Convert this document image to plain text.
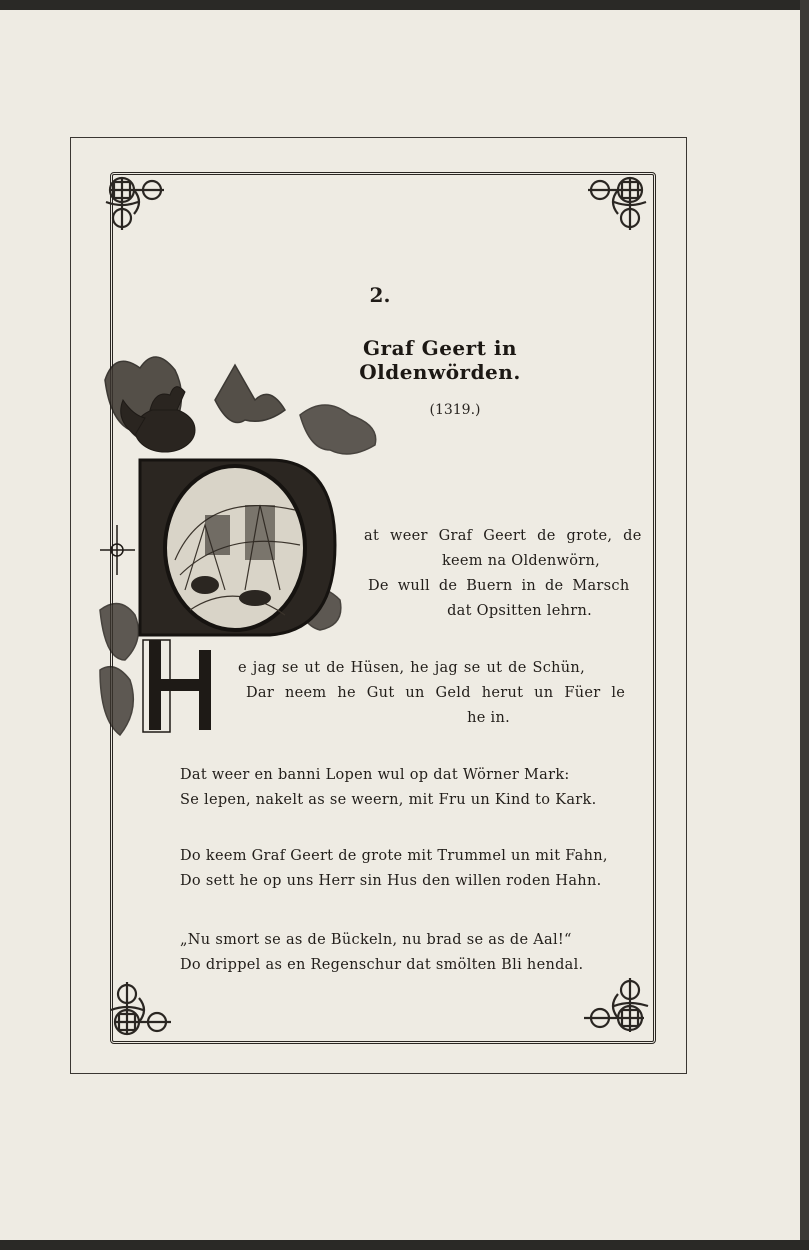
2.
Graf Geert in Oldenwörden.
(1319.)
at weer Graf Geert de grote, de
keem na Oldenwörn,
De wull de Buern in de Marsch
dat Opsitten lehrn.
e jag se ut de Hüsen, he jag se ut de Schün,
Dar neem he Gut un Geld herut un Füer le
he in.
Dat weer en banni Lopen wul op dat Wörner Mark:
Se lepen, nakelt as se weern, mit Fru un Kind to Kark.
Do keem Graf Geert de grote mit Trummel un mit Fahn,
Do sett he op uns Herr sin Hus den willen roden Hahn.
„Nu smort se as de Bückeln, nu brad se as de Aal!“
Do drippel as en Regenschur dat smölten Bli hendal.
